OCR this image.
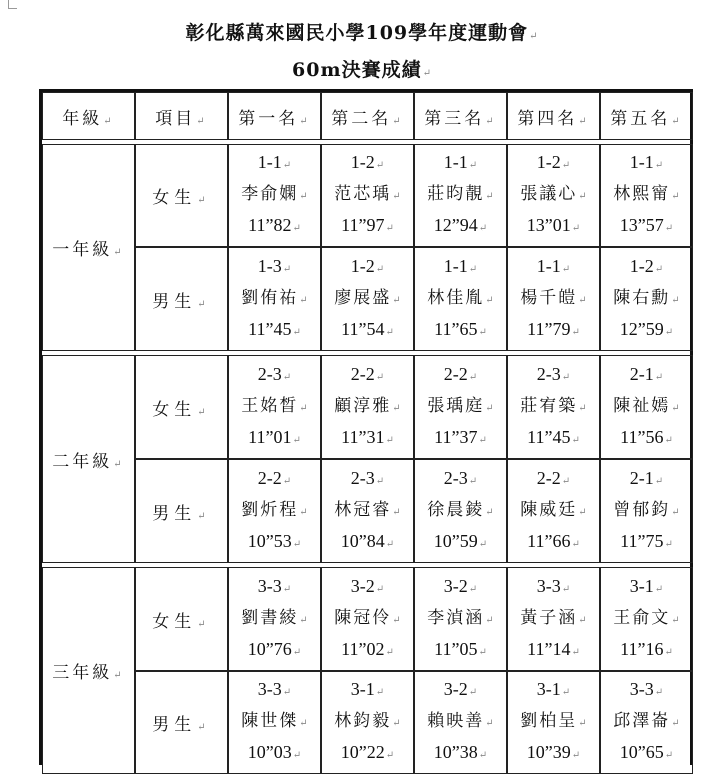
彰化縣萬來國民小學109學年度運動會↵
60m決賽成績↵
年級↵	項目↵	第一名↵	第二名↵	第三名↵	第四名↵	第五名↵

一年級↵	女生↵	1-1↵
李俞嫻↵
11”82↵	1-2↵
范芯瑀↵
11”97↵	1-1↵
莊昀靚↵
12”94↵	1-2↵
張議心↵
13”01↵	1-1↵
林熙甯↵
13”57↵

	男生↵	1-3↵
劉侑祐↵
11”45↵	1-2↵
廖展盛↵
11”54↵	1-1↵
林佳胤↵
11”65↵	1-1↵
楊千皚↵
11”79↵	1-2↵
陳右勳↵
12”59↵

二年級↵	女生↵	2-3↵
王姳晳↵
11”01↵	2-2↵
顧淳雅↵
11”31↵	2-2↵
張瑀庭↵
11”37↵	2-3↵
莊宥築↵
11”45↵	2-1↵
陳祉嫣↵
11”56↵

	男生↵	2-2↵
劉炘程↵
10”53↵	2-3↵
林冠睿↵
10”84↵	2-3↵
徐晨錂↵
10”59↵	2-2↵
陳威廷↵
11”66↵	2-1↵
曾郁鈞↵
11”75↵

三年級↵	女生↵	3-3↵
劉書綾↵
10”76↵	3-2↵
陳冠伶↵
11”02↵	3-2↵
李湞涵↵
11”05↵	3-3↵
黃子涵↵
11”14↵	3-1↵
王俞文↵
11”16↵

	男生↵	3-3↵
陳世傑↵
10”03↵	3-1↵
林鈞毅↵
10”22↵	3-2↵
賴映善↵
10”38↵	3-1↵
劉柏呈↵
10”39↵	3-3↵
邱澤崙↵
10”65↵
